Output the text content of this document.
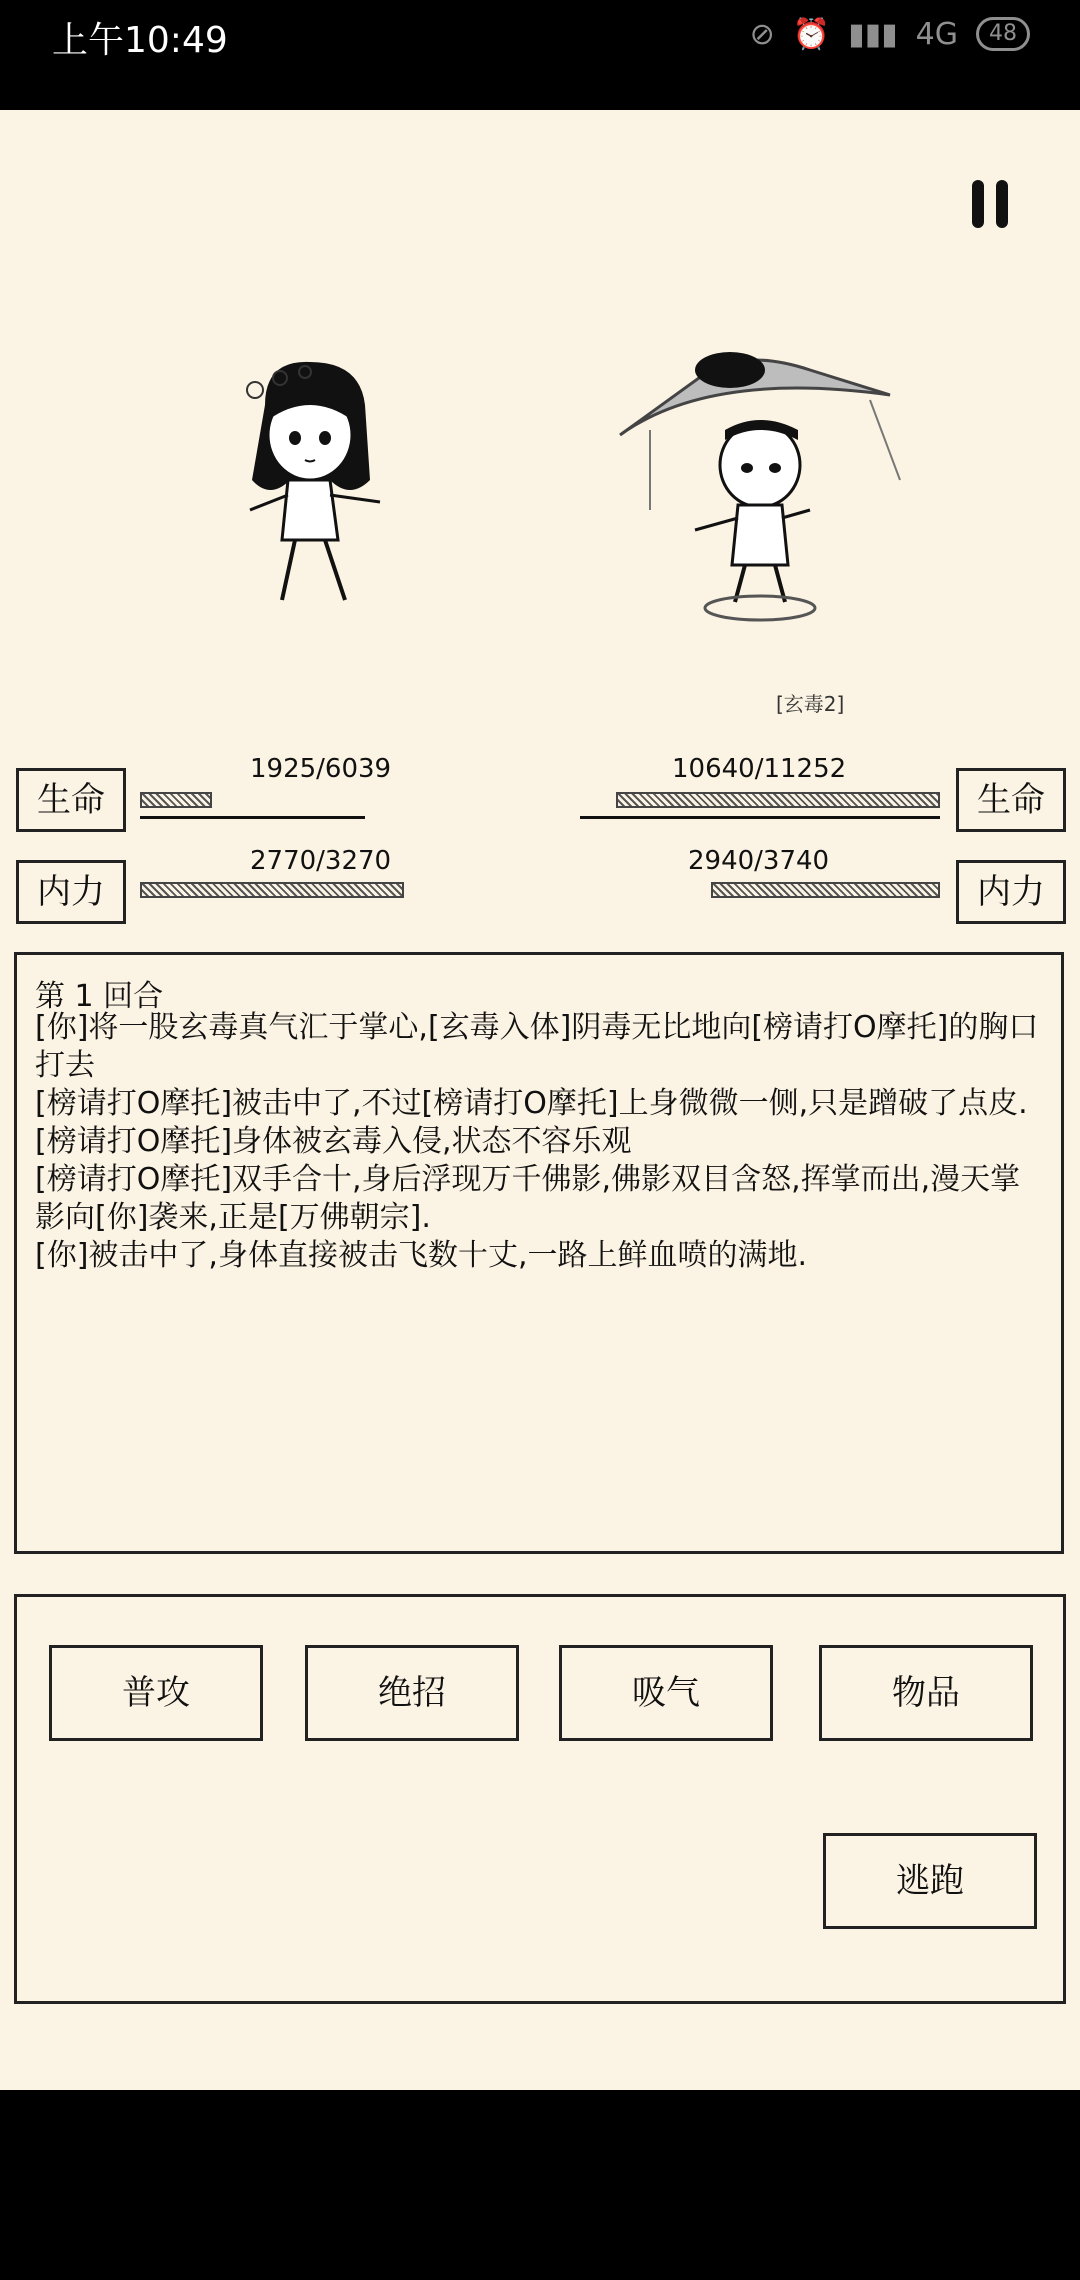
上午10:49	⊘ ⏰ ▮▮▮ 4G	48
[玄毒2]
生命
1925/6039
内力
2770/3270
生命
10640/11252
内力
2940/3740
第 1 回合
[你]将一股玄毒真气汇于掌心,[玄毒入体]阴毒无比地向[榜请打O摩托]的胸口打去
[榜请打O摩托]被击中了,不过[榜请打O摩托]上身微微一侧,只是蹭破了点皮.
[榜请打O摩托]身体被玄毒入侵,状态不容乐观
[榜请打O摩托]双手合十,身后浮现万千佛影,佛影双目含怒,挥掌而出,漫天掌影向[你]袭来,正是[万佛朝宗].
[你]被击中了,身体直接被击飞数十丈,一路上鲜血喷的满地.
普攻	绝招	吸气	物品
逃跑
